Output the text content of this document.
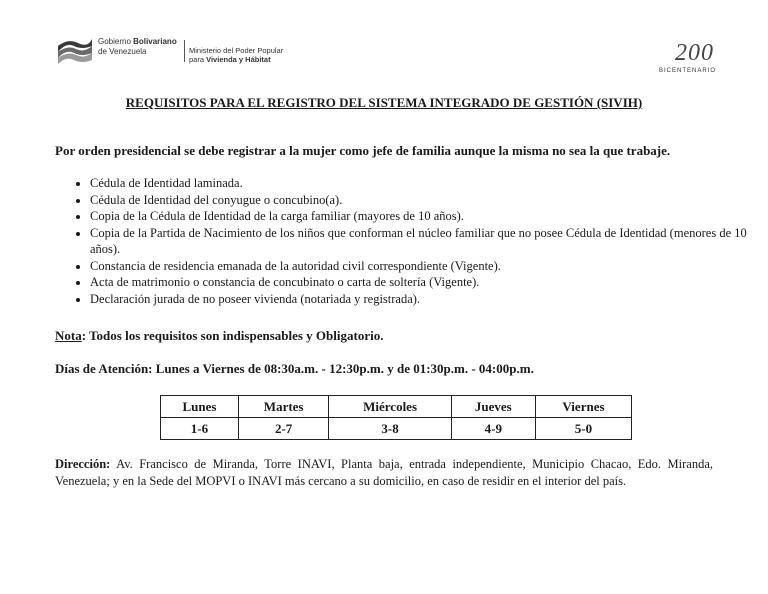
Gobierno Bolivariano
de Venezuela	Ministerio del Poder Popular
para Vivienda y Hábitat	200
BICENTENARIO
REQUISITOS PARA EL REGISTRO DEL SISTEMA INTEGRADO DE GESTIÓN (SIVIH)
Por orden presidencial se debe registrar a la mujer como jefe de familia aunque la misma no sea la que trabaje.
• Cédula de Identidad laminada.
• Cédula de Identidad del conyugue o concubino(a).
• Copia de la Cédula de Identidad de la carga familiar (mayores de 10 años).
• Copia de la Partida de Nacimiento de los niños que conforman el núcleo familiar que no posee Cédula de Identidad (menores de 10 años).
• Constancia de residencia emanada de la autoridad civil correspondiente (Vigente).
• Acta de matrimonio o constancia de concubinato o carta de soltería (Vigente).
• Declaración jurada de no poseer vivienda (notariada y registrada).
Nota: Todos los requisitos son indispensables y Obligatorio.
Días de Atención: Lunes a Viernes de 08:30a.m. - 12:30p.m. y de 01:30p.m. - 04:00p.m.
Lunes	Martes	Miércoles	Jueves	Viernes
1-6	2-7	3-8	4-9	5-0
Dirección: Av. Francisco de Miranda, Torre INAVI, Planta baja, entrada independiente, Municipio Chacao, Edo. Miranda, Venezuela; y en la Sede del MOPVI o INAVI más cercano a su domicilio, en caso de residir en el interior del país.
